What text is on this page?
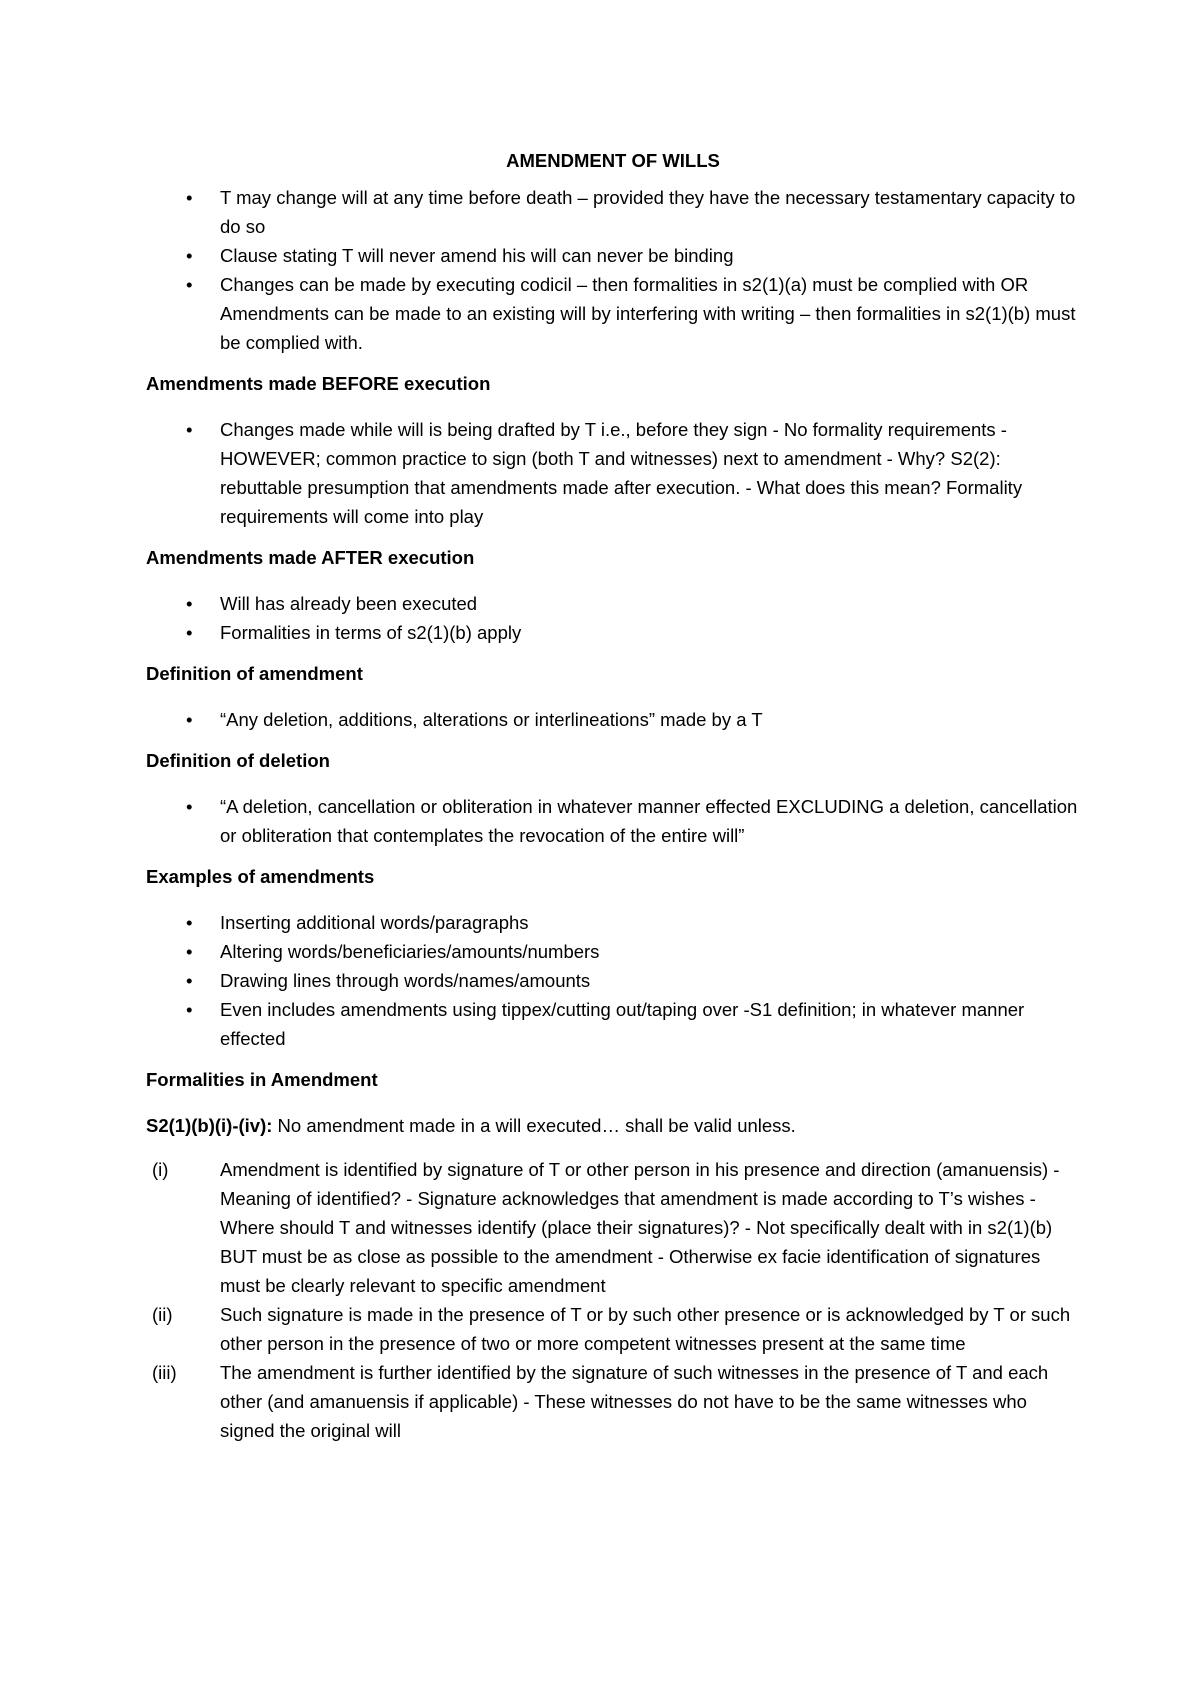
AMENDMENT OF WILLS
• T may change will at any time before death – provided they have the necessary testamentary capacity to do so
• Clause stating T will never amend his will can never be binding
• Changes can be made by executing codicil – then formalities in s2(1)(a) must be complied with OR Amendments can be made to an existing will by interfering with writing – then formalities in s2(1)(b) must be complied with.
Amendments made BEFORE execution
• Changes made while will is being drafted by T i.e., before they sign - No formality requirements - HOWEVER; common practice to sign (both T and witnesses) next to amendment - Why? S2(2): rebuttable presumption that amendments made after execution. - What does this mean? Formality requirements will come into play
Amendments made AFTER execution
• Will has already been executed
• Formalities in terms of s2(1)(b) apply
Definition of amendment
• “Any deletion, additions, alterations or interlineations” made by a T
Definition of deletion
• “A deletion, cancellation or obliteration in whatever manner effected EXCLUDING a deletion, cancellation or obliteration that contemplates the revocation of the entire will”
Examples of amendments
• Inserting additional words/paragraphs
• Altering words/beneficiaries/amounts/numbers
• Drawing lines through words/names/amounts
• Even includes amendments using tippex/cutting out/taping over -S1 definition; in whatever manner effected
Formalities in Amendment

S2(1)(b)(i)-(iv): No amendment made in a will executed… shall be valid unless.

(i)	Amendment is identified by signature of T or other person in his presence and direction (amanuensis) - Meaning of identified? - Signature acknowledges that amendment is made according to T’s wishes - Where should T and witnesses identify (place their signatures)? - Not specifically dealt with in s2(1)(b) BUT must be as close as possible to the amendment - Otherwise ex facie identification of signatures must be clearly relevant to specific amendment
(ii)	Such signature is made in the presence of T or by such other presence or is acknowledged by T or such other person in the presence of two or more competent witnesses present at the same time
(iii) The amendment is further identified by the signature of such witnesses in the presence of T and each other (and amanuensis if applicable) - These witnesses do not have to be the same witnesses who signed the original will
